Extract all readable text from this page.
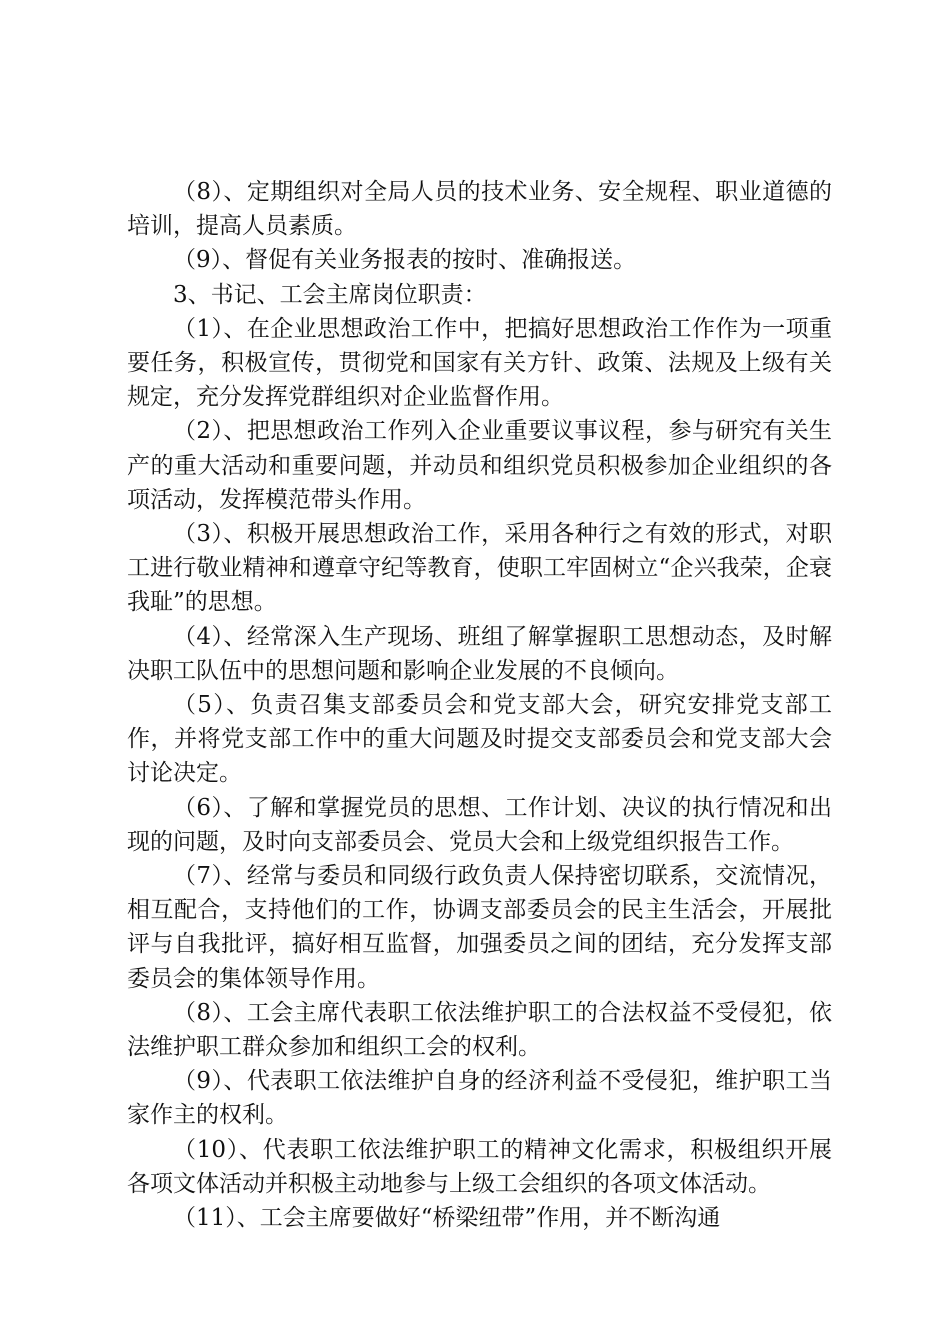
（8）、定期组织对全局人员的技术业务、安全规程、职业道德的培训，提高人员素质。

（9）、督促有关业务报表的按时、准确报送。

3、书记、工会主席岗位职责：

（1）、在企业思想政治工作中，把搞好思想政治工作作为一项重要任务，积极宣传，贯彻党和国家有关方针、政策、法规及上级有关规定，充分发挥党群组织对企业监督作用。

（2）、把思想政治工作列入企业重要议事议程，参与研究有关生产的重大活动和重要问题，并动员和组织党员积极参加企业组织的各项活动，发挥模范带头作用。

（3）、积极开展思想政治工作，采用各种行之有效的形式，对职工进行敬业精神和遵章守纪等教育，使职工牢固树立“企兴我荣，企衰我耻”的思想。

（4）、经常深入生产现场、班组了解掌握职工思想动态，及时解决职工队伍中的思想问题和影响企业发展的不良倾向。

（5）、负责召集支部委员会和党支部大会，研究安排党支部工作，并将党支部工作中的重大问题及时提交支部委员会和党支部大会讨论决定。

（6）、了解和掌握党员的思想、工作计划、决议的执行情况和出现的问题，及时向支部委员会、党员大会和上级党组织报告工作。

（7）、经常与委员和同级行政负责人保持密切联系，交流情况，相互配合，支持他们的工作，协调支部委员会的民主生活会，开展批评与自我批评，搞好相互监督，加强委员之间的团结，充分发挥支部委员会的集体领导作用。

（8）、工会主席代表职工依法维护职工的合法权益不受侵犯，依法维护职工群众参加和组织工会的权利。

（9）、代表职工依法维护自身的经济利益不受侵犯，维护职工当家作主的权利。

（10）、代表职工依法维护职工的精神文化需求，积极组织开展各项文体活动并积极主动地参与上级工会组织的各项文体活动。

（11）、工会主席要做好“桥梁纽带”作用，并不断沟通
